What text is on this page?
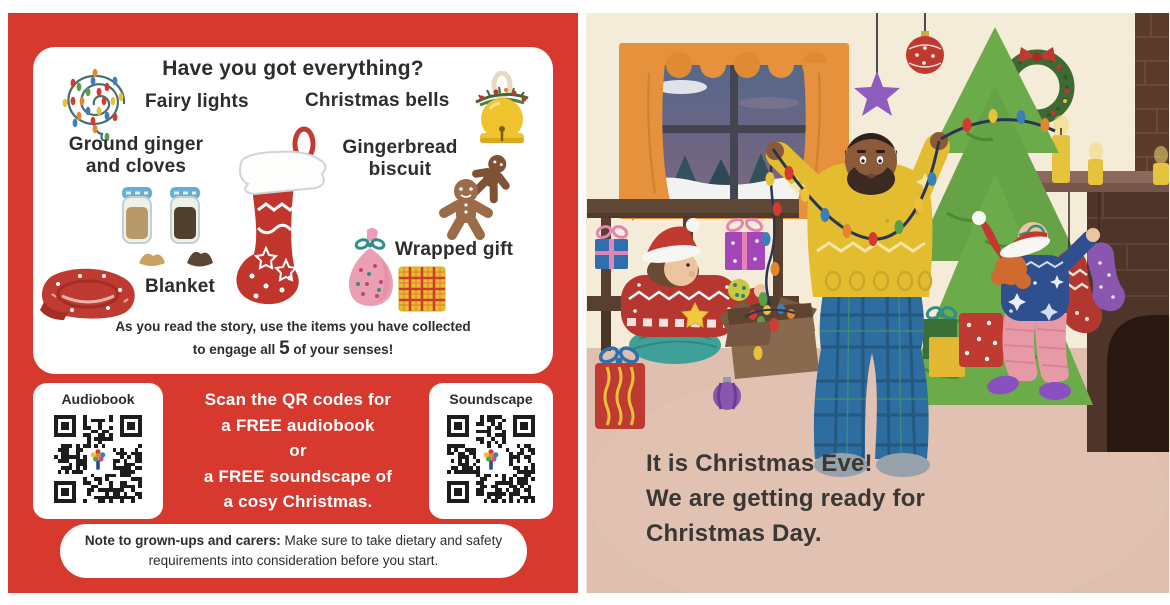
Have you got everything?
Fairy lights	Christmas bells
Ground ginger
and cloves
Gingerbread
biscuit
Blanket
Wrapped gift
As you read the story, use the items you have collected
to engage all 5 of your senses!
Audiobook	Scan the QR codes for
a FREE audiobook
or
a FREE soundscape of
a cosy Christmas.
Soundscape
Note to grown-ups and carers: Make sure to take dietary and safety requirements into consideration before you start.
It is Christmas Eve!
We are getting ready for
Christmas Day.
